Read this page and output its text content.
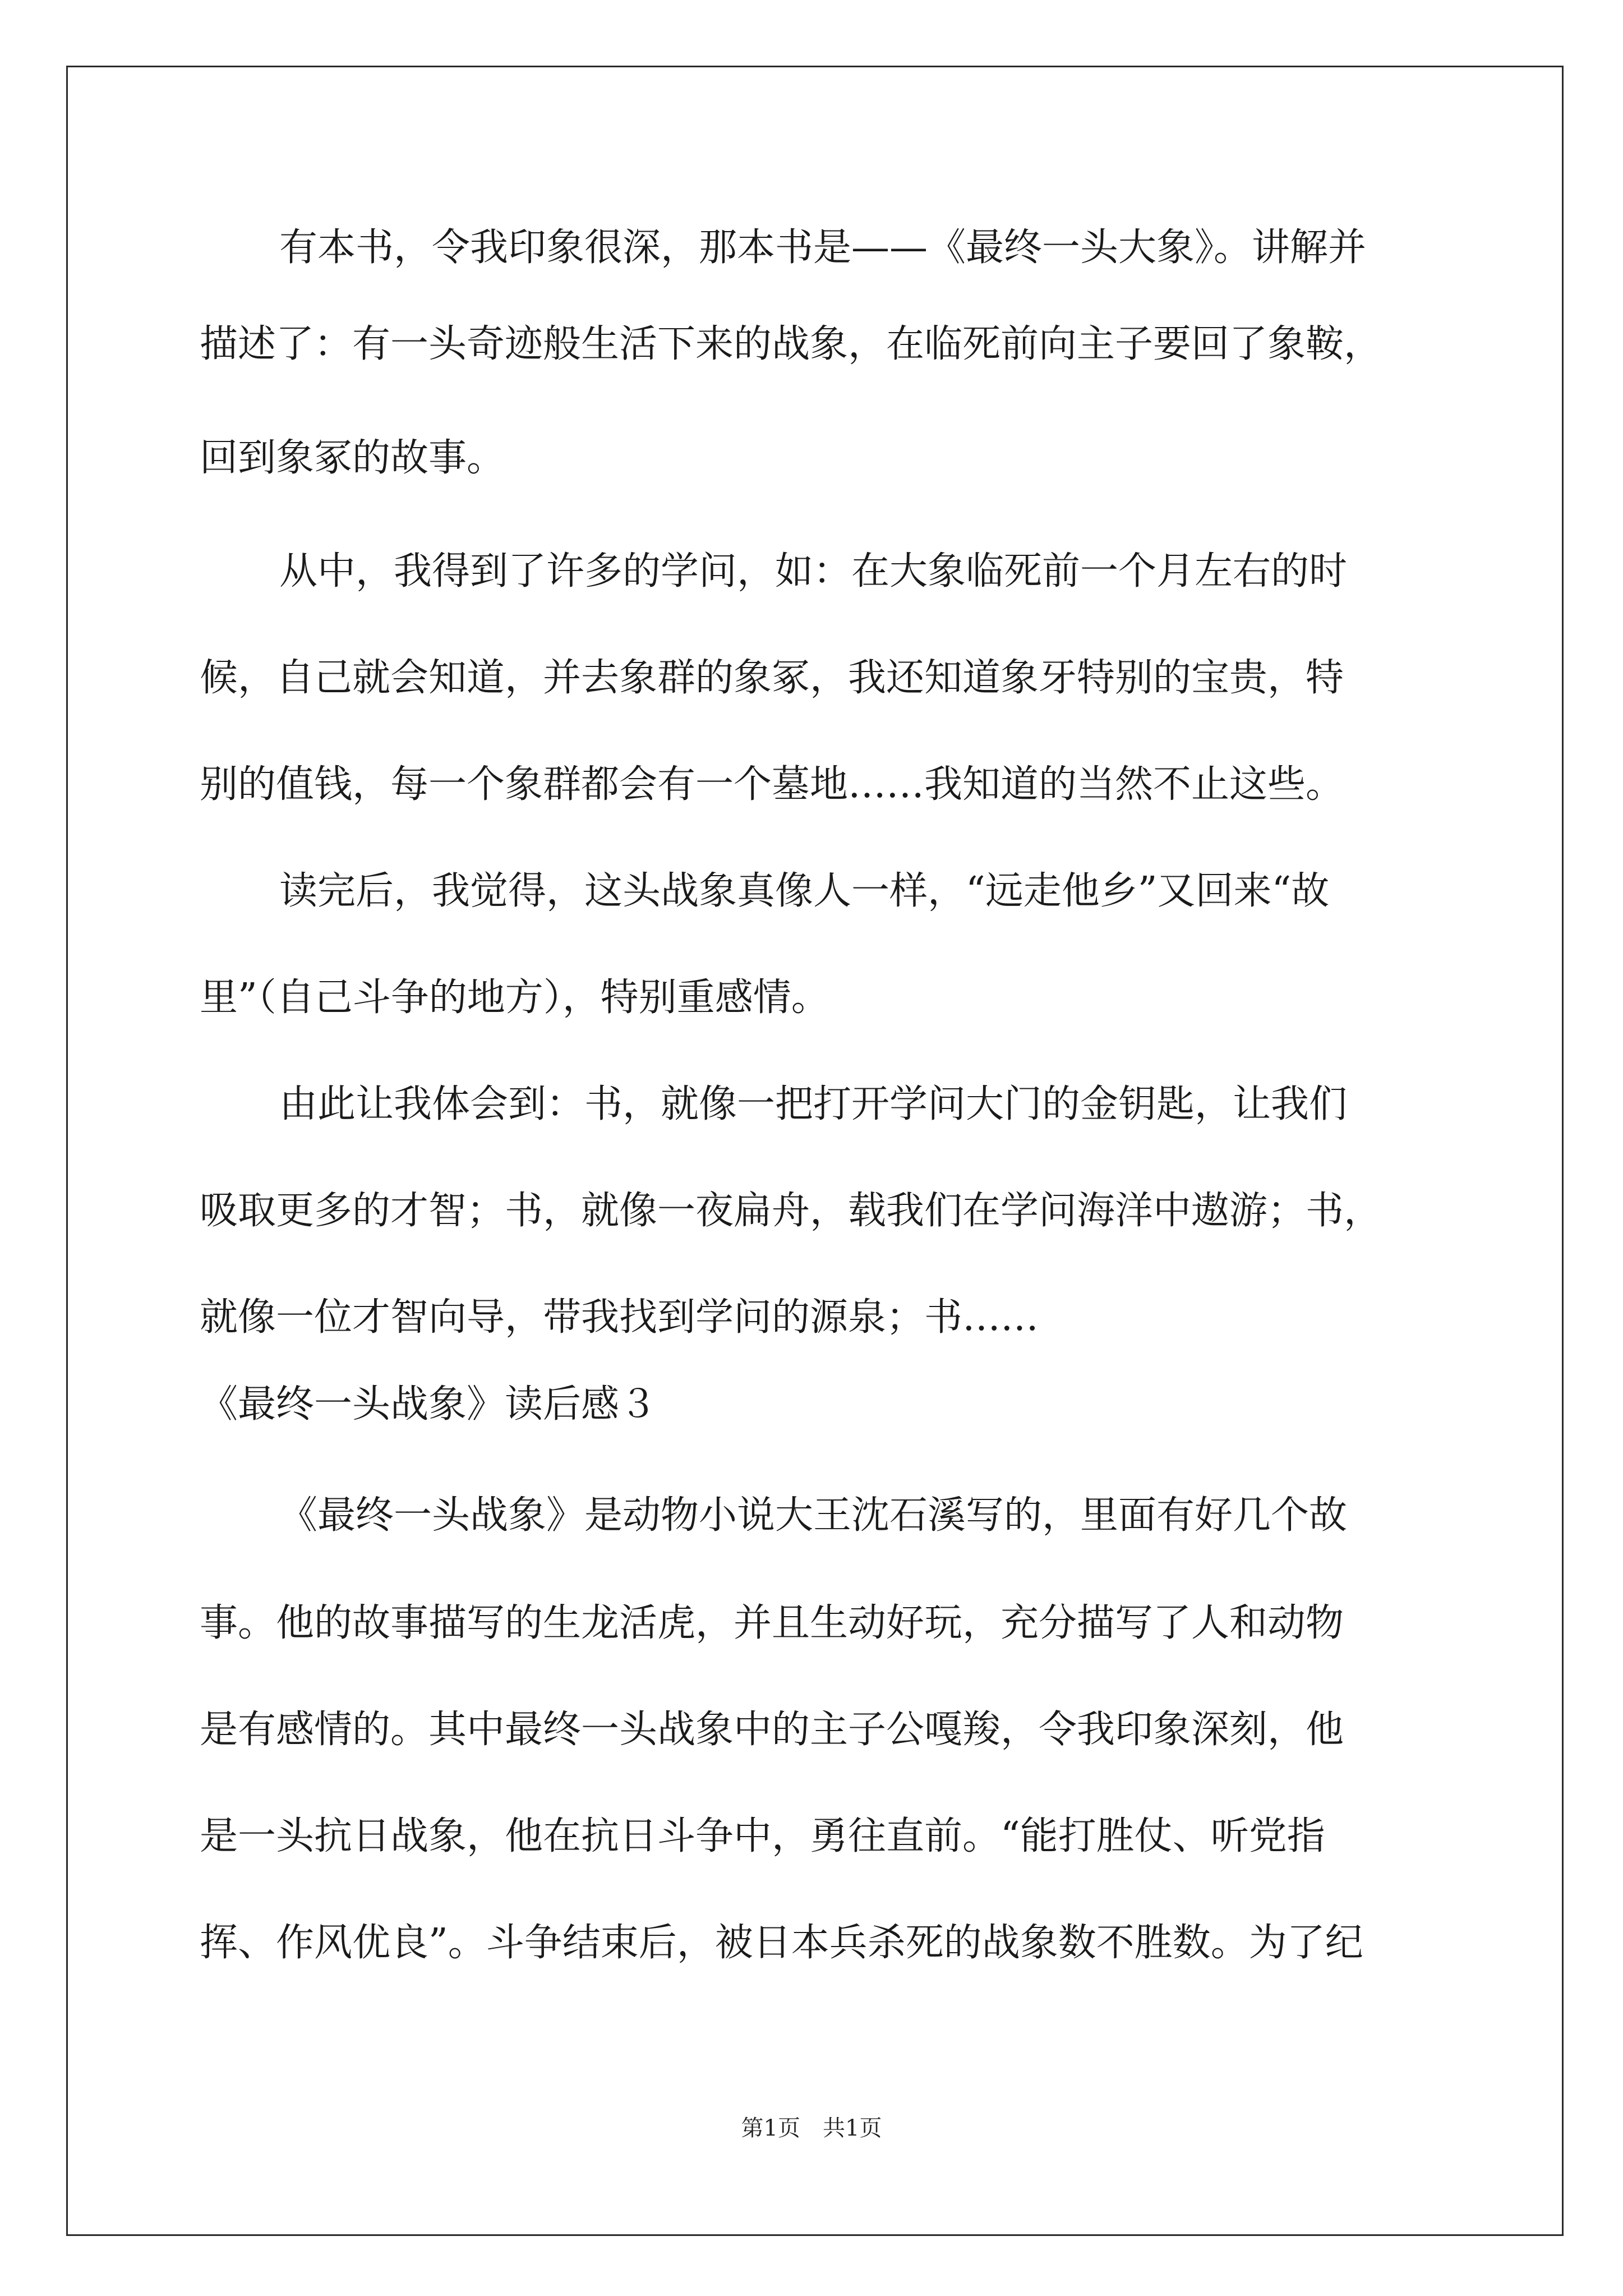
有本书，令我印象很深，那本书是——《最终一头大象》。讲解并
描述了：有一头奇迹般生活下来的战象，在临死前向主子要回了象鞍，
回到象冢的故事。
从中，我得到了许多的学问，如：在大象临死前一个月左右的时
候，自己就会知道，并去象群的象冢，我还知道象牙特别的宝贵，特
别的值钱，每一个象群都会有一个墓地……我知道的当然不止这些。
读完后，我觉得，这头战象真像人一样，“远走他乡”又回来“故
里”（自己斗争的地方），特别重感情。
由此让我体会到：书，就像一把打开学问大门的金钥匙，让我们
吸取更多的才智；书，就像一夜扁舟，载我们在学问海洋中遨游；书，
就像一位才智向导，带我找到学问的源泉；书……
《最终一头战象》读后感３
《最终一头战象》是动物小说大王沈石溪写的，里面有好几个故
事。他的故事描写的生龙活虎，并且生动好玩，充分描写了人和动物
是有感情的。其中最终一头战象中的主子公嘎羧，令我印象深刻，他
是一头抗日战象，他在抗日斗争中，勇往直前。“能打胜仗、听党指
挥、作风优良”。斗争结束后，被日本兵杀死的战象数不胜数。为了纪
第1页　共1页
